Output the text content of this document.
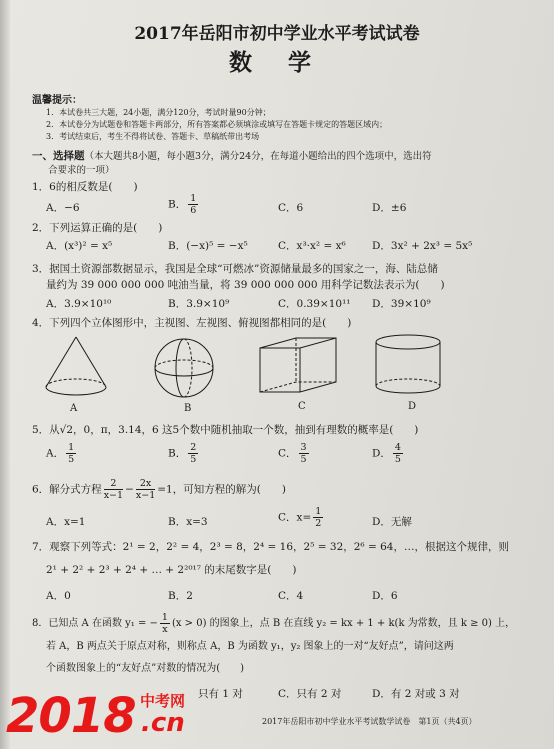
2017年岳阳市初中学业水平考试试卷
数 学
温馨提示：
1．本试卷共三大题，24小题，满分120分，考试时量90分钟；
2．本试卷分为试题卷和答题卡两部分，所有答案都必须填涂或填写在答题卡规定的答题区域内；
3．考试结束后，考生不得将试卷、答题卡、草稿纸带出考场
一、选择题（本大题共8小题，每小题3分，满分24分，在每道小题给出的四个选项中，选出符
合要求的一项）
1．6的相反数是(　　)
A．−6	B． $\frac{1}{6}$	C．6	D．±6
2．下列运算正确的是(　　)
A．(x³)² = x⁵	B．(−x)⁵ = −x⁵	C．x³·x² = x⁶	D．3x² + 2x³ = 5x⁵
3．据国土资源部数据显示，我国是全球“可燃冰”资源储量最多的国家之一，海、陆总储
量约为 39 000 000 000 吨油当量，将 39 000 000 000 用科学记数法表示为(　　)
A．3.9×10¹⁰	B．3.9×10⁹	C．0.39×10¹¹ D．39×10⁹
4．下列四个立体图形中，主视图、左视图、俯视图都相同的是(　　)
A	B	C	D
5．从√2，0，π，3.14，6 这5个数中随机抽取一个数，抽到有理数的概率是(　　)
A． $\frac{1}{5}$	B． $\frac{2}{5}$	C． $\frac{3}{5}$	D． $\frac{4}{5}$
6．解分式方程 $\frac{2}{x-1} - \frac{2x}{x-1} =1$，可知方程的解为(　　)
A．x=1	B．x=3	C．$x= \frac{1}{2}$	D．无解
7．观察下列等式：2¹ = 2，2² = 4，2³ = 8，2⁴ = 16，2⁵ = 32，2⁶ = 64，…，根据这个规律，则
2¹ + 2² + 2³ + 2⁴ + … + 2²⁰¹⁷ 的末尾数字是(　　)
A．0	B．2	C．4	D．6
8．已知点 A 在函数 y₁ = − $\frac{1}{x} (x > 0)$ 的图象上，点 B 在直线 y₂ = kx + 1 + k(k 为常数，且 k ≥ 0) 上，
若 A，B 两点关于原点对称，则称点 A，B 为函数 y₁，y₂ 图象上的一对“友好点”，请问这两
个函数图象上的“友好点”对数的情况为(　　)
只有 1 对	C．只有 2 对	D．有 2 对或 3 对
2017年岳阳市初中学业水平考试数学试卷　第1页（共4页）
2018 中考网
.cn
